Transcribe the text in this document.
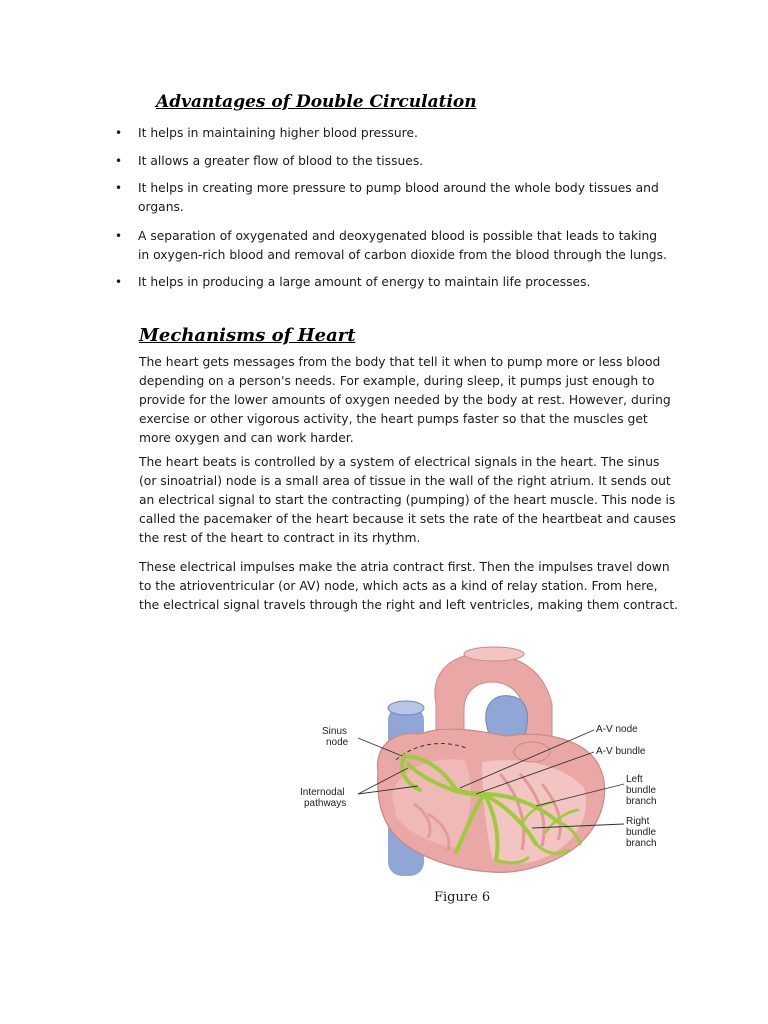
Advantages of Double Circulation
• It helps in maintaining higher blood pressure.
• It allows a greater flow of blood to the tissues.
• It helps in creating more pressure to pump blood around the whole body tissues and organs.
• A separation of oxygenated and deoxygenated blood is possible that leads to taking in oxygen-rich blood and removal of carbon dioxide from the blood through the lungs.
• It helps in producing a large amount of energy to maintain life processes.
Mechanisms of Heart

The heart gets messages from the body that tell it when to pump more or less blood depending on a person's needs. For example, during sleep, it pumps just enough to provide for the lower amounts of oxygen needed by the body at rest. However, during exercise or other vigorous activity, the heart pumps faster so that the muscles get more oxygen and can work harder.

The heart beats is controlled by a system of electrical signals in the heart. The sinus (or sinoatrial) node is a small area of tissue in the wall of the right atrium. It sends out an electrical signal to start the contracting (pumping) of the heart muscle. This node is called the pacemaker of the heart because it sets the rate of the heartbeat and causes the rest of the heart to contract in its rhythm.

These electrical impulses make the atria contract first. Then the impulses travel down to the atrioventricular (or AV) node, which acts as a kind of relay station. From here, the electrical signal travels through the right and left ventricles, making them contract.

Sinus
node
Internodal
pathways
A-V node
A-V bundle
Left
bundle
branch
Right
bundle
branch

Figure 6
